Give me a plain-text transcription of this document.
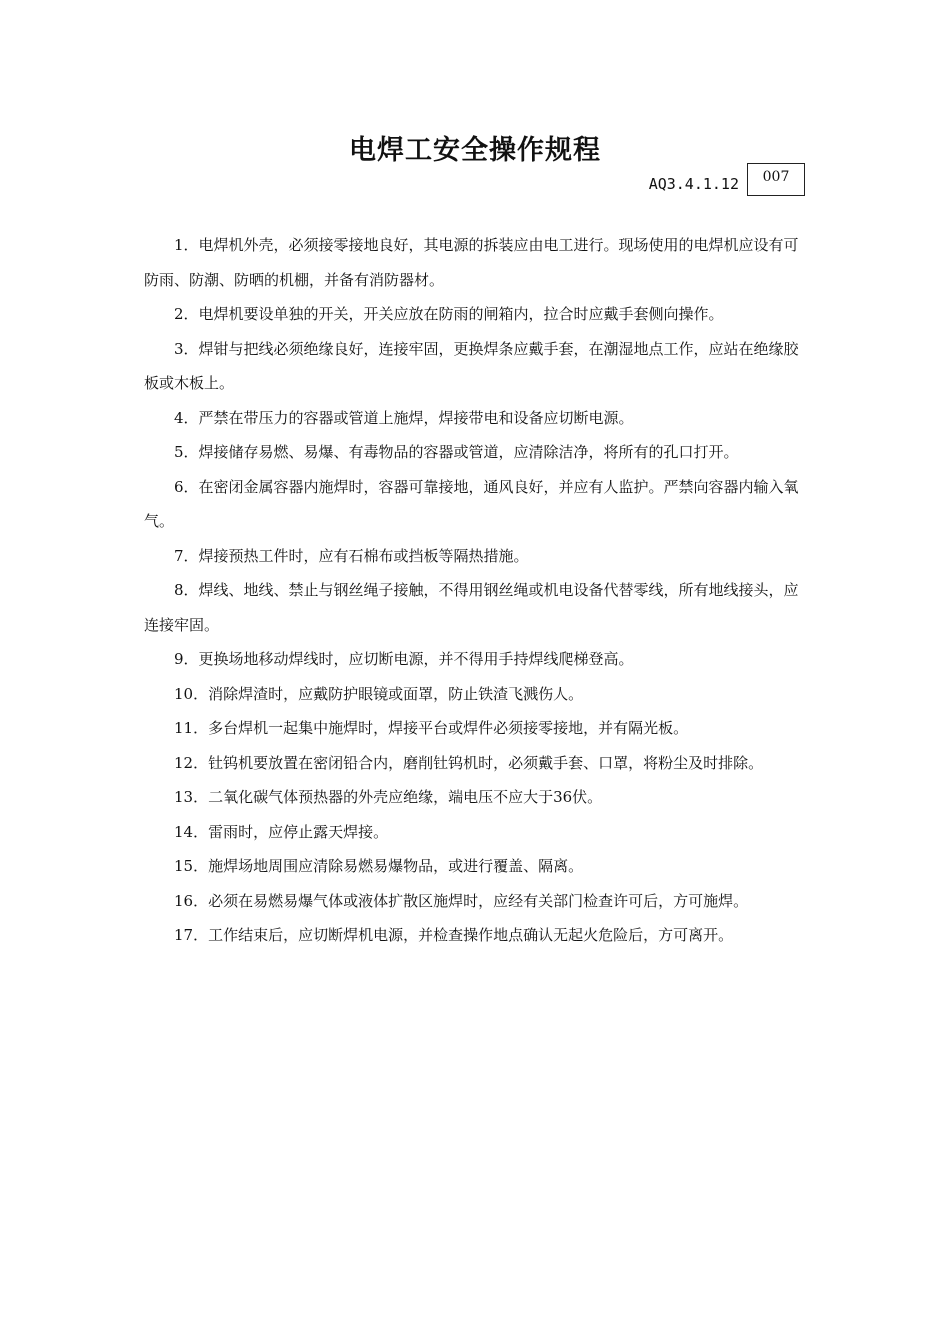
电焊工安全操作规程
AQ3.4.1.12	007

1．电焊机外壳，必须接零接地良好，其电源的拆装应由电工进行。现场使用的电焊机应设有可防雨、防潮、防晒的机棚，并备有消防器材。

2．电焊机要设单独的开关，开关应放在防雨的闸箱内，拉合时应戴手套侧向操作。

3．焊钳与把线必须绝缘良好，连接牢固，更换焊条应戴手套，在潮湿地点工作，应站在绝缘胶板或木板上。

4．严禁在带压力的容器或管道上施焊，焊接带电和设备应切断电源。

5．焊接储存易燃、易爆、有毒物品的容器或管道，应清除洁净，将所有的孔口打开。

6．在密闭金属容器内施焊时，容器可靠接地，通风良好，并应有人监护。严禁向容器内输入氧气。

7．焊接预热工件时，应有石棉布或挡板等隔热措施。

8．焊线、地线、禁止与钢丝绳子接触，不得用钢丝绳或机电设备代替零线，所有地线接头，应连接牢固。

9．更换场地移动焊线时，应切断电源，并不得用手持焊线爬梯登高。

10．消除焊渣时，应戴防护眼镜或面罩，防止铁渣飞溅伤人。

11．多台焊机一起集中施焊时，焊接平台或焊件必须接零接地，并有隔光板。

12．钍钨机要放置在密闭铅合内，磨削钍钨机时，必须戴手套、口罩，将粉尘及时排除。

13．二氧化碳气体预热器的外壳应绝缘，端电压不应大于36伏。

14．雷雨时，应停止露天焊接。

15．施焊场地周围应清除易燃易爆物品，或进行覆盖、隔离。

16．必须在易燃易爆气体或液体扩散区施焊时，应经有关部门检查许可后，方可施焊。

17．工作结束后，应切断焊机电源，并检查操作地点确认无起火危险后，方可离开。
